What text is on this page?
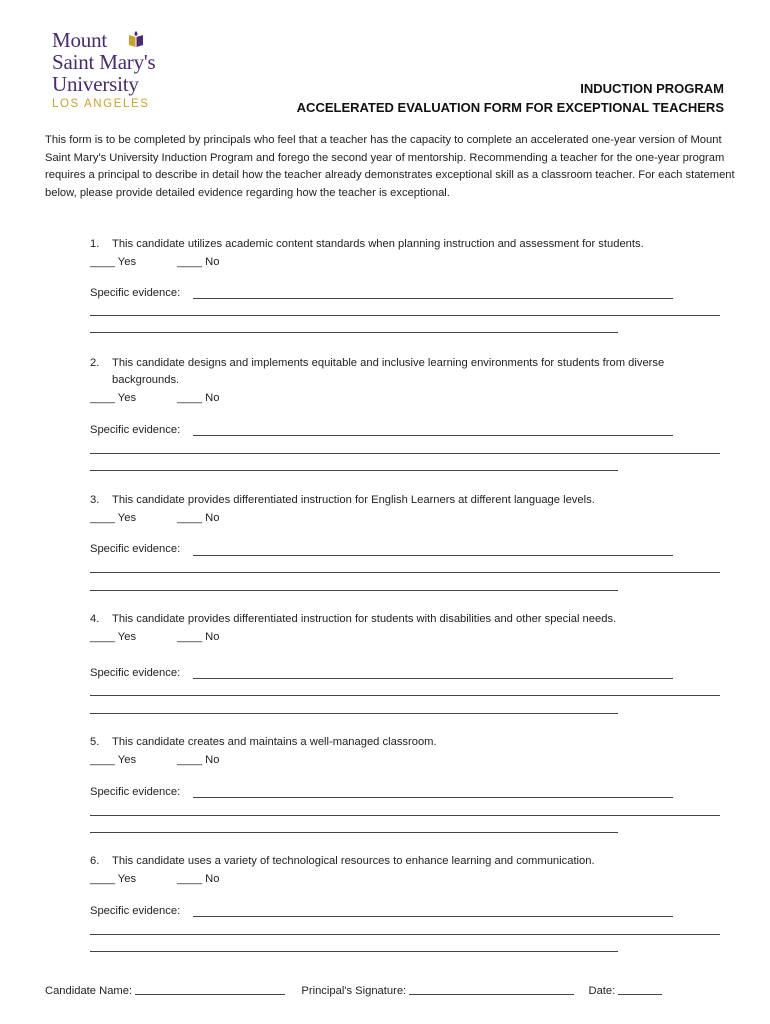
Mount
Saint Mary's
University
LOS ANGELES
INDUCTION PROGRAM
ACCELERATED EVALUATION FORM FOR EXCEPTIONAL TEACHERS
This form is to be completed by principals who feel that a teacher has the capacity to complete an accelerated one-year version of Mount Saint Mary's University Induction Program and forego the second year of mentorship. Recommending a teacher for the one-year program requires a principal to describe in detail how the teacher already demonstrates exceptional skill as a classroom teacher. For each statement below, please provide detailed evidence regarding how the teacher is exceptional.
1. This candidate utilizes academic content standards when planning instruction and assessment for students.
____ Yes	____ No
Specific evidence:
2. This candidate designs and implements equitable and inclusive learning environments for students from diverse backgrounds.
____ Yes	____ No
Specific evidence:
3. This candidate provides differentiated instruction for English Learners at different language levels.
____ Yes	____ No
Specific evidence:
4. This candidate provides differentiated instruction for students with disabilities and other special needs.
____ Yes	____ No
Specific evidence:
5. This candidate creates and maintains a well-managed classroom.
____ Yes	____ No
Specific evidence:
6. This candidate uses a variety of technological resources to enhance learning and communication.
____ Yes	____ No
Specific evidence:
Candidate Name:	Principal's Signature:	Date:
